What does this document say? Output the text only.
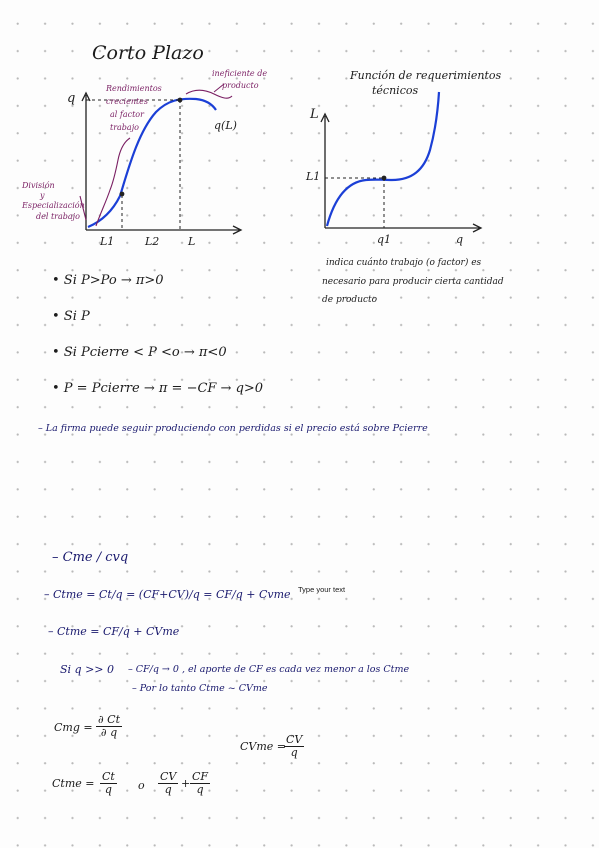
Corto Plazo
q
q(L)
L1	L2	L
Rendimientos
crecientes
al factor
trabajo
ineficiente de
producto
División
y
Especialización
del trabajo
Función de requerimientos
técnicos
L
L1
q1	q
indica cuánto trabajo (o factor) es
necesario para producir cierta cantidad
de producto
• Si P>Po → π>0
• Si P
• Si Pcierre < P <o → π<0
• P = Pcierre → π = −CF → q>0
– La firma puede seguir produciendo con perdidas si el precio está sobre Pcierre
– Cme / cvq
– Ctme = Ct/q = (CF+CV)/q = CF/q + Cvme Type your text
– Ctme = CF/q + CVme
Si q >> 0 – CF/q → 0 , el aporte de CF es cada vez menor a los Ctme
– Por lo tanto Ctme ~ CVme
Cmg = $\frac{\partial Ct}{\partial q}$
CVme =
$\frac{CV}{q}$
Ctme = $\frac{Ct}{q}$ o $\frac{CV}{q} + \frac{CF}{q}$
